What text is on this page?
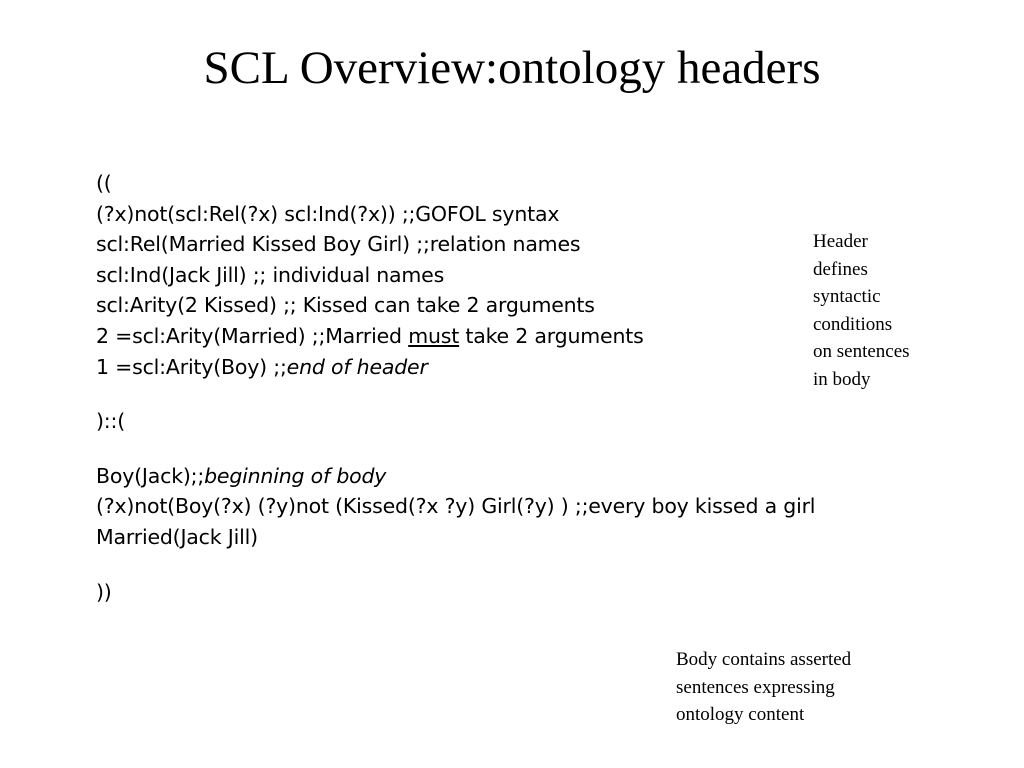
SCL Overview:ontology headers
((
(?x)not(scl:Rel(?x) scl:Ind(?x)) ;;GOFOL syntax
scl:Rel(Married Kissed Boy Girl) ;;relation names
scl:Ind(Jack Jill) ;; individual names
scl:Arity(2 Kissed) ;; Kissed can take 2 arguments
2 =scl:Arity(Married) ;;Married must take 2 arguments
1 =scl:Arity(Boy) ;;end of header
)::(
Boy(Jack);;beginning of body
(?x)not(Boy(?x) (?y)not (Kissed(?x ?y) Girl(?y) ) ;;every boy kissed a girl
Married(Jack Jill)
))
Header
defines
syntactic
conditions
on sentences
in body
Body contains asserted
sentences expressing
ontology content
